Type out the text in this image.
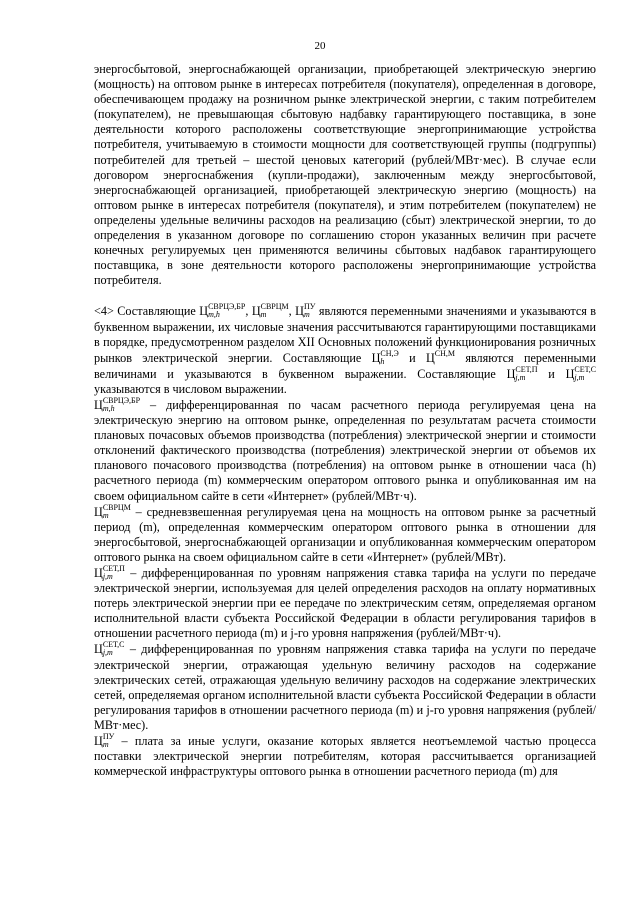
20

энергосбытовой, энергоснабжающей организации, приобретающей электрическую энергию (мощность) на оптовом рынке в интересах потребителя (покупателя), определенная в договоре, обеспечивающем продажу на розничном рынке электрической энергии, с таким потребителем (покупателем), не превышающая сбытовую надбавку гарантирующего поставщика, в зоне деятельности которого расположены соответствующие энергопринимающие устройства потребителя, учитываемую в стоимости мощности для соответствующей группы (подгруппы) потребителей для третьей – шестой ценовых категорий (рублей/МВт·мес). В случае если договором энергоснабжения (купли-продажи), заключенным между энергосбытовой, энергоснабжающей организацией, приобретающей электрическую энергию (мощность) на оптовом рынке в интересах потребителя (покупателя), и этим потребителем (покупателем) не определены удельные величины расходов на реализацию (сбыт) электрической энергии, то до определения в указанном договоре по соглашению сторон указанных величин при расчете конечных регулируемых цен применяются величины сбытовых надбавок гарантирующего поставщика, в зоне деятельности которого расположены энергопринимающие устройства потребителя.

<4> Составляющие Ц СВРЦЭ,БР
m,h	, Ц СВРЦМ
m	, Ц ПУ
m являются переменными значениями и указываются в буквенном выражении, их числовые значения рассчитываются гарантирующими поставщиками в порядке, предусмотренном разделом XII Основных положений функционирования розничных рынков электрической энергии. Составляющие Ц СН,Э
h	и Ц СН,М
являются переменными величинами и указываются в буквенном выражении. Составляющие Ц СЕТ,П
j,m	и Ц СЕТ,С
j,m
указываются в числовом выражении.

Ц СВРЦЭ,БР
m,h	– дифференцированная по часам расчетного периода регулируемая цена на электрическую энергию на оптовом рынке, определенная по результатам расчета стоимости плановых почасовых объемов производства (потребления) электрической энергии и стоимости отклонений фактического производства (потребления) электрической энергии от объемов их планового почасового производства (потребления) на оптовом рынке в отношении часа (h) расчетного периода (m) коммерческим оператором оптового рынка и опубликованная им на своем официальном сайте в сети «Интернет» (рублей/МВт·ч).

Ц СВРЦМ
m	– средневзвешенная регулируемая цена на мощность на оптовом рынке за расчетный период (m), определенная коммерческим оператором оптового рынка в отношении для энергосбытовой, энергоснабжающей организации и опубликованная коммерческим оператором оптового рынка на своем официальном сайте в сети «Интернет» (рублей/МВт).

Ц СЕТ,П
j,m	– дифференцированная по уровням напряжения ставка тарифа на услуги по передаче электрической энергии, используемая для целей определения расходов на оплату нормативных потерь электрической энергии при ее передаче по электрическим сетям, определяемая органом исполнительной власти субъекта Российской Федерации в области регулирования тарифов в отношении расчетного периода (m) и j-го уровня напряжения (рублей/МВт·ч).

Ц СЕТ,С
j,m	– дифференцированная по уровням напряжения ставка тарифа на услуги по передаче электрической энергии, отражающая удельную величину расходов на содержание электрических сетей, отражающая удельную величину расходов на содержание электрических сетей, определяемая органом исполнительной власти субъекта Российской Федерации в области регулирования тарифов в отношении расчетного периода (m) и j-го уровня напряжения (рублей/МВт·мес).

Ц ПУ
m	– плата за иные услуги, оказание которых является неотъемлемой частью процесса поставки электрической энергии потребителям, которая рассчитывается организацией коммерческой инфраструктуры оптового рынка в отношении расчетного периода (m) для
